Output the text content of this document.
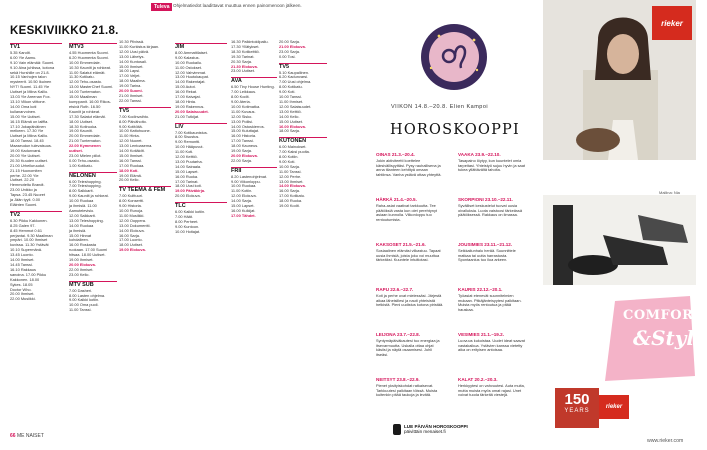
KESKIVIIKKO 21.8.
Tuleva Ohjelmatiedot laadittavat muuttua ennen painomenoon jälkeen.
TV1
5.35 Kandit.
6.00 Yle Aamu.
9.10 Vain elämää: Suomi.
9.10 Aina juhlissa, kotona
sekä Hurshille on 21.8.
10.15 Vanhojen talon
mysteerit. 10.50 Ikuinen
NYT! Suomi. 11.45 Yle
Uutiset ja Miina Kallio.
13.03 Yle Areenan Fox.
13.10 Viikon viittone.
14.00 Oma koti
kullanarvoinen.
15.00 Yle Uutiset.
16.15 Elämä on laiffia.
17.10 Jokapäiväinen
melkeen. 17.30 Yle
Uutiset ja Miina Kallio.
18.00 Tanssi. 18.45
Maaseudun tulevaisuus.
19.00 Kadunvarsi.
20.00 Yle Uutiset.
20.30 Kuuden uutiset.
21.00 Urheiluruudut.
21.15 Huonomiten
perhe. 22.00 Yle
Uutiset. 22.20
Hemmoteltu Brandt.
23.00 Unikko ja
Tapsa. 23.45 Nuoret
ja Jään tyyli. 0.00
Eläinten Suomi.
TV2
6.30 Pikku Kakkonen.
8.25 Galen 97.
8.45 Hemmot 0.61
perjantai. 9.30 Maailman
ympäri. 10.00 Ihmiset
kuvissa. 11.30 Ystävät
10.10 Supermänä.
13.45 Luonto.
14.00 Ihmiset.
14.45 Tanssi.
16.10 Rakkaus
sanoina. 17.00 Pikku
Kakkonen. 18.00
Sykes. 18.05
Doctor Who.
20.00 Ihmiset.
22.00 Musiikki.
MTV3
4.55 Huomenta Suomi.
6.20 Huomenta Suomi.
10.00 Emmerdale.
10.30 Kauniit ja rohkeat.
11.00 Salatut elämät.
11.30 Kotikatu.
12.00 Teho-osasto.
13.00 MasterChef Suomi.
14.00 Tuntematon.
15.00 Maailman
kumppanit. 16.00 Rikos-
etsivä Roth. 16.50
Kauniit ja rohkeat.
17.30 Salatut elämät.
18.00 Uutiset.
18.30 Kotiruoka.
19.00 Kauniit.
20.00 Emmerdale.
21.00 Tuntematon.
22.00 Kymmenen
uutiset.
23.00 Mielen piilot.
0.00 Teho-osasto.
1.00 Kotikatu.
NELONEN
6.00 Teleshopping.
7.00 Teleshopping.
8.00 Salkkarit.
9.00 Kauniit ja rohkeat.
10.00 Ruokaa
ja ihmisiä. 11.00
Aamutelevisio.
12.00 Salkkarit.
13.00 Teleshopping.
14.00 Ruokaa
ja ihmisiä.
15.00 Hinnat
kohdalleen.
16.00 Roskasta
ruokaan. 17.00 Suomi
hitsaa. 18.00 Uutiset.
19.00 Ihmiset.
20.00 Elokuva.
22.00 Ihmiset.
23.00 Kello.
MTV SUB
7.00 Dasheri.
8.00 Lasten ohjelma.
9.00 Kaikki kotiin.
10.00 Oma puoli.
11.00 Tanssi.
10.30 Pilvissä.
11.00 Kurkistus kirjaan.
12.00 Uusi päivä.
13.00 Lähetys.
14.00 Kuntosali.
15.00 Ihmiset.
16.00 Lapsi.
17.00 Veljet.
18.00 Maailma.
19.00 Tarina.
20.00 Suomi.
21.00 Ihmiset.
22.00 Tanssi.
TV5
7.00 Kodinvaihto.
8.00 Päivähoito.
9.00 Kotitöitä.
10.00 Kattohuone.
11.00 Hinta.
12.00 Nuoret.
13.00 Lentoasema.
14.00 Kotiäidit.
15.00 Ihmiset.
16.00 Tanssi.
17.00 Ruokaa.
18.00 Koti.
19.00 Elämä.
20.00 Kello.
TV TEEMA & FEM
7.00 Kulttuuri.
8.00 Konsertti.
9.00 Historia.
10.00 Runoja.
11.00 Musiikki.
12.00 Ooppera.
13.00 Dokumentti.
14.00 Elokuva.
16.00 Sarja.
17.00 Luonto.
18.00 Uutiset.
19.00 Elokuva.
JIM
8.00 Ammattilaiset.
9.00 Kalastus.
10.00 Ruokailu.
11.00 Ostokset.
12.00 Vahvimmat.
13.00 Huutokaupat.
14.00 Rakentajat.
15.00 Autot.
16.00 Rekat.
17.00 Kaivajat.
18.00 Hinta.
19.00 Rakennus.
20.00 Salaisuudet.
21.00 Tutkijat.
LIV
7.00 Kotikaunistus.
8.00 Sisustus.
9.00 Remontti.
10.00 Hääpuvut.
11.00 Koti.
12.00 Keittiö.
13.00 Puutarha.
14.00 Sairaala.
15.00 Lapset.
16.00 Ruoka.
17.00 Tarinat.
18.00 Uusi koti.
19.00 Päiväkirja.
20.00 Elokuva.
TLC
6.00 Kaikki kotiin.
7.00 Häät.
8.00 Perheet.
9.00 Kuntoon.
10.00 Hoitajat.
16.30 Palkintokilpailu.
17.30 Yllätykset.
18.30 Kotikeittiö.
19.30 Tarinat.
20.30 Sarja.
21.30 Elokuva.
23.00 Uutiset.
AVA
6.50 Tiny House Hunting.
7.00 Leikkaus.
8.00 Kodit.
9.00 Ateria.
10.00 Kotimatka.
11.00 Kuvaus.
12.00 Sisko.
13.00 Poliisi.
14.00 Ostoskierros.
15.00 Kuluttajat.
16.00 Historia.
17.00 Tanssi.
18.00 Kauneus.
19.00 Sarja.
20.00 Elokuva.
22.00 Sarja.
FRII
8.20 Lastenohjelmat.
9.00 Viikonloppu.
10.00 Ruokaa.
11.00 Kotiin.
12.00 Elokuva.
14.00 Sarja.
15.00 Lapset.
16.00 Kulkijat.
17.00 Tähdet.
20.00 Sarja.
21.00 Elokuva.
23.00 Sarja.
0.00 Tosi.
TV5
5.10 Kaupallinen.
6.20 Kadunvarsi.
7.00 Uusi ohjelma.
8.00 Kotikatu.
9.00 Koti.
10.00 Tanssi.
11.00 Ihmiset.
12.00 Salaisuudet.
13.00 Keittiö.
14.00 Kello.
15.00 Uutiset.
16.00 Elokuva.
18.00 Sarja.
KUTONEN
6.00 Mainokset.
7.00 Kaksi puolta.
8.00 Kotiin.
9.00 Koti.
10.00 Sarja.
11.00 Tanssi.
12.00 Perhe.
13.00 Ihmiset.
14.00 Elokuva.
16.00 Sarja.
17.00 Kotikatu.
18.00 Ruoka.
19.00 Kodit.
66 ME NAISET
VIIKON 14.8.–20.8. Elien Kampoi
HOROSKOOPPI
OINAS 21.3.–20.4.
Jokin aktiviteetti koettelee kärsivällisyyttäsi. Pysy rauhallisena ja anna tilanteen kehittyä omaan tahtiinsa. Vanha ystävä ottaa yhteyttä.
HÄRKÄ 21.4.–20.5.
Raha-asiat vaativat tarkkuutta. Tee päätöksiä vasta kun olet perehtynyt asiaan kunnolla. Viikonloppu tuo rentoutumista.
KAKSOSET 21.5.–21.6.
Sosiaalinen elämäsi vilkastuu. Tapaat uusia ihmisiä, joista joku voi muuttua tärkeäksi. Kuuntele intuitiotasi.
RAPU 22.6.–22.7.
Koti ja perhe ovat mielessäsi. Järjestä aikaa läheisillesi ja nauti yhteisistä hetkistä. Pieni uudistus kotona piristää.
LEIJONA 23.7.–22.8.
Syntymäpäiväkautesi tuo energiaa ja itsevarmuutta. Uskalla ottaa ohjat käsiisi ja näytä osaamisesi. Juhli itseäsi.
NEITSYT 23.8.–22.9.
Pienet yksityiskohdat ratkaisevat. Tarkkuutesi palkitaan töissä. Muista kuitenkin pitää taukoja ja levätä.
VAAKA 23.9.–22.10.
Tasapaino löytyy, kun kuuntelet omia tarpeitasi. Yhteistyö sujuu hyvin ja saat tukea yllättävältä taholta.
SKORPIONI 23.10.–22.11.
Syvälliset keskustelut tuovat uusia oivalluksia. Luota vaistoosi tärkeässä päätöksessä. Rakkaus on ilmassa.
JOUSIMIES 23.11.–21.12.
Seikkailunhalu herää. Suunnittele matkaa tai uutta harrastusta. Spontaanius tuo iloa arkeen.
KAURIS 22.12.–20.1.
Työasiat etenevät suunnitelmien mukaan. Pitkäjänteisyytesi palkitaan. Muista myös rentoutua ja pitää hauskaa.
VESIMIES 21.1.–19.2.
Luovuus kukoistaa. Uudet ideat saavat vastakaikua. Ystävien kanssa vietetty aika on erityisen antoisaa.
KALAT 20.2.–20.3.
Herkkyytesi on vahvuutesi. Auta muita, mutta muista myös omat rajasi. Unet voivat tuoda tärkeitä viestejä.
LUE PÄIVÄN HOROSKOOPPI
päivittäin menaiset.fi
rieker
Mallina: Nia
COMFORT
&Style
150
YEARS
rieker
www.rieker.com
